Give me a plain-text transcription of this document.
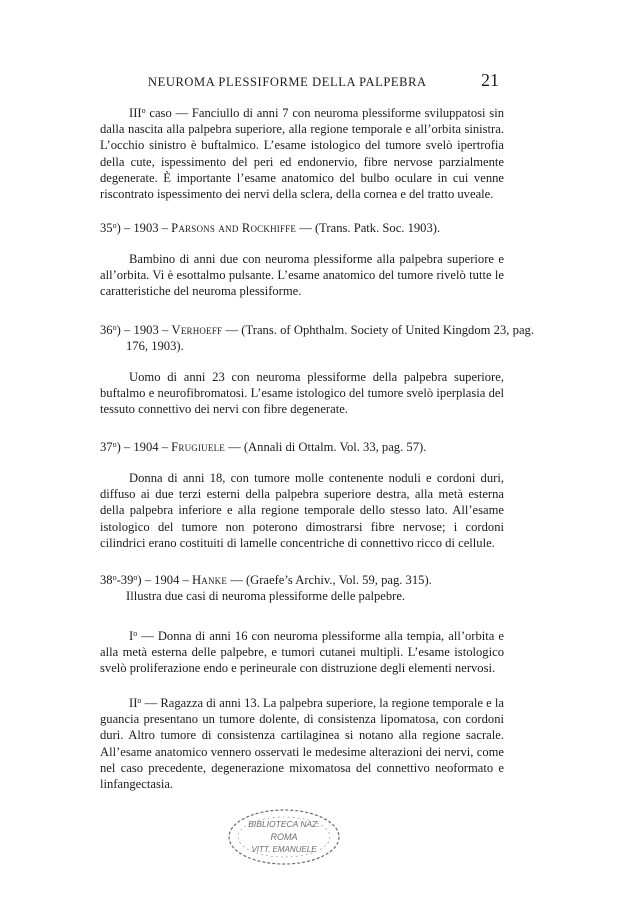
NEUROMA PLESSIFORME DELLA PALPEBRA	21

III$^o$ caso — Fanciullo di anni 7 con neuroma plessiforme sviluppatosi sin dalla nascita alla palpebra superiore, alla regione temporale e all’orbita sinistra. L’occhio sinistro è buftalmico. L’esame istologico del tumore svelò ipertrofia della cute, ispessimento del peri ed endonervio, fibre nervose parzialmente degenerate. È importante l’esame anatomico del bulbo oculare in cui venne riscontrato ispessimento dei nervi della sclera, della cornea e del tratto uveale.

35$^o$) – 1903 – Parsons and Rockhiffe — (Trans. Patk. Soc. 1903).

Bambino di anni due con neuroma plessiforme alla palpebra superiore e all’orbita. Vi è esottalmo pulsante. L’esame anatomico del tumore rivelò tutte le caratteristiche del neuroma plessiforme.

36$^o$) – 1903 – Verhoeff — (Trans. of Ophthalm. Society of United Kingdom 23, pag. 176, 1903).

Uomo di anni 23 con neuroma plessiforme della palpebra superiore, buftalmo e neurofibromatosi. L’esame istologico del tumore svelò iperplasia del tessuto connettivo dei nervi con fibre degenerate.

37$^o$) – 1904 – Frugiuele — (Annali di Ottalm. Vol. 33, pag. 57).

Donna di anni 18, con tumore molle contenente noduli e cordoni duri, diffuso ai due terzi esterni della palpebra superiore destra, alla metà esterna della palpebra inferiore e alla regione temporale dello stesso lato. All’esame istologico del tumore non poterono dimostrarsi fibre nervose; i cordoni cilindrici erano costituiti di lamelle concentriche di connettivo ricco di cellule.

38$^o$-39$^o$) – 1904 – Hanke — (Graefe’s Archiv., Vol. 59, pag. 315).
Illustra due casi di neuroma plessiforme delle palpebre.

$I^o$ — Donna di anni 16 con neuroma plessiforme alla tempia, all’orbita e alla metà esterna delle palpebre, e tumori cutanei multipli. L’esame istologico svelò proliferazione endo e perineurale con distruzione degli elementi nervosi.

$II^o$ — Ragazza di anni 13. La palpebra superiore, la regione temporale e la guancia presentano un tumore dolente, di consistenza lipomatosa, con cordoni duri. Altro tumore di consistenza cartilaginea si notano alla regione sacrale. All’esame anatomico vennero osservati le medesime alterazioni dei nervi, come nel caso precedente, degenerazione mixomatosa del connettivo neoformato e linfangectasia.

BIBLIOTECA NAZ.
ROMA
VITT. EMANUELE
